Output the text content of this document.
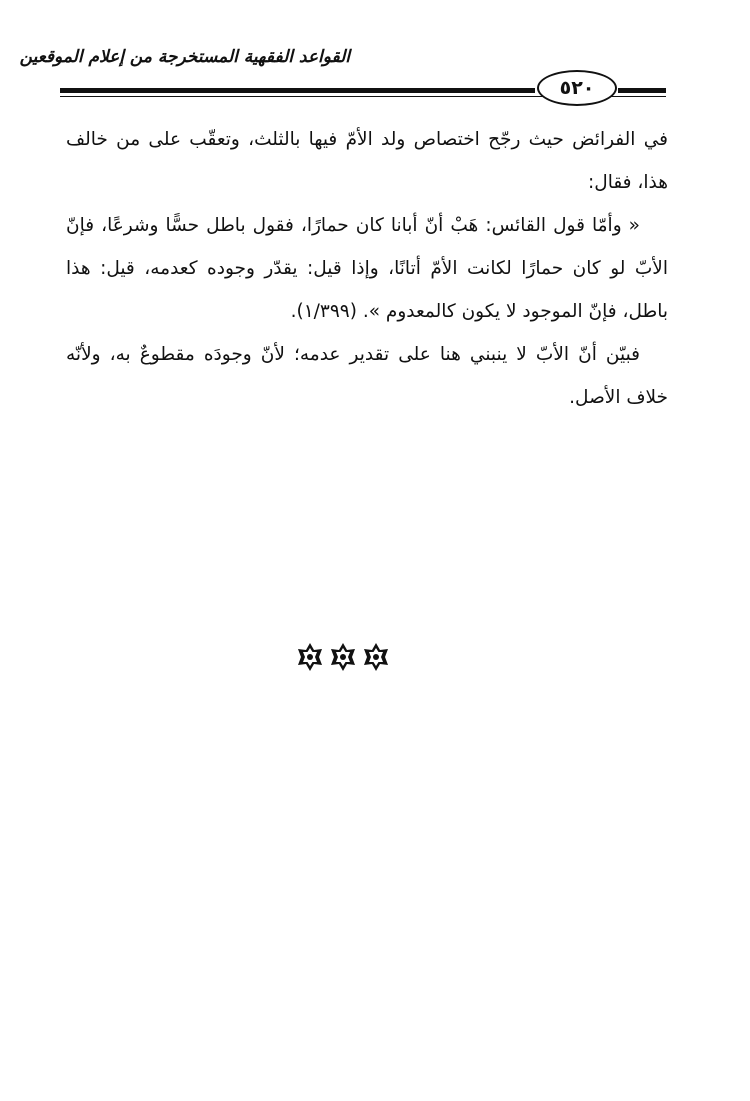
القواعد الفقهية المستخرجة من إعلام الموقعين
٥٢٠

في الفرائض حيث رجّح اختصاص ولد الأمّ فيها بالثلث، وتعقّب على من خالف هذا، فقال:

« وأمّا قول القائس: هَبْ أنّ أبانا كان حمارًا، فقول باطل حسًّا وشرعًا، فإنّ الأبّ لو كان حمارًا لكانت الأمّ أتانًا، وإذا قيل: يقدّر وجوده كعدمه، قيل: هذا باطل، فإنّ الموجود لا يكون كالمعدوم ». (١/٣٩٩).

فبيّن أنّ الأبّ لا ينبني هنا على تقدير عدمه؛ لأنّ وجودَه مقطوعٌ به، ولأنّه خلاف الأصل.
